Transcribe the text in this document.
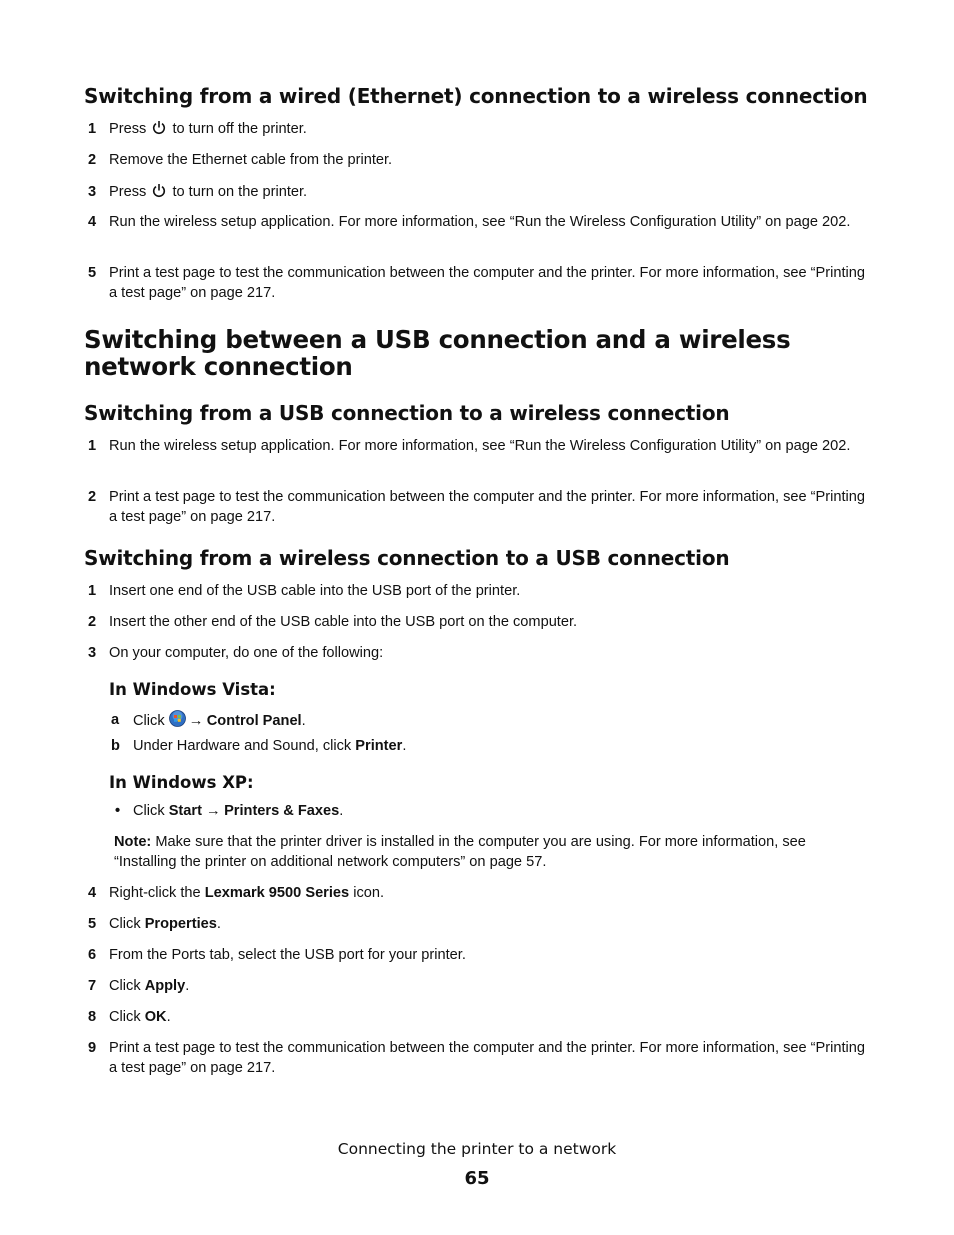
Switching from a wired (Ethernet) connection to a wireless connection
1 Press to turn off the printer.
2 Remove the Ethernet cable from the printer.
3 Press to turn on the printer.
4 Run the wireless setup application. For more information, see “Run the Wireless Configuration Utility” on page 202.
5 Print a test page to test the communication between the computer and the printer. For more information, see “Printing a test page” on page 217.
Switching between a USB connection and a wireless network connection
Switching from a USB connection to a wireless connection
1 Run the wireless setup application. For more information, see “Run the Wireless Configuration Utility” on page 202.
2 Print a test page to test the communication between the computer and the printer. For more information, see “Printing a test page” on page 217.
Switching from a wireless connection to a USB connection
1 Insert one end of the USB cable into the USB port of the printer.
2 Insert the other end of the USB cable into the USB port on the computer.
3 On your computer, do one of the following:
In Windows Vista:
a Click → Control Panel.
b Under Hardware and Sound, click Printer.
In Windows XP:
• Click Start → Printers & Faxes.
Note: Make sure that the printer driver is installed in the computer you are using. For more information, see “Installing the printer on additional network computers” on page 57.
4 Right-click the Lexmark 9500 Series icon.
5 Click Properties.
6 From the Ports tab, select the USB port for your printer.
7 Click Apply.
8 Click OK.
9 Print a test page to test the communication between the computer and the printer. For more information, see “Printing a test page” on page 217.
Connecting the printer to a network
65
